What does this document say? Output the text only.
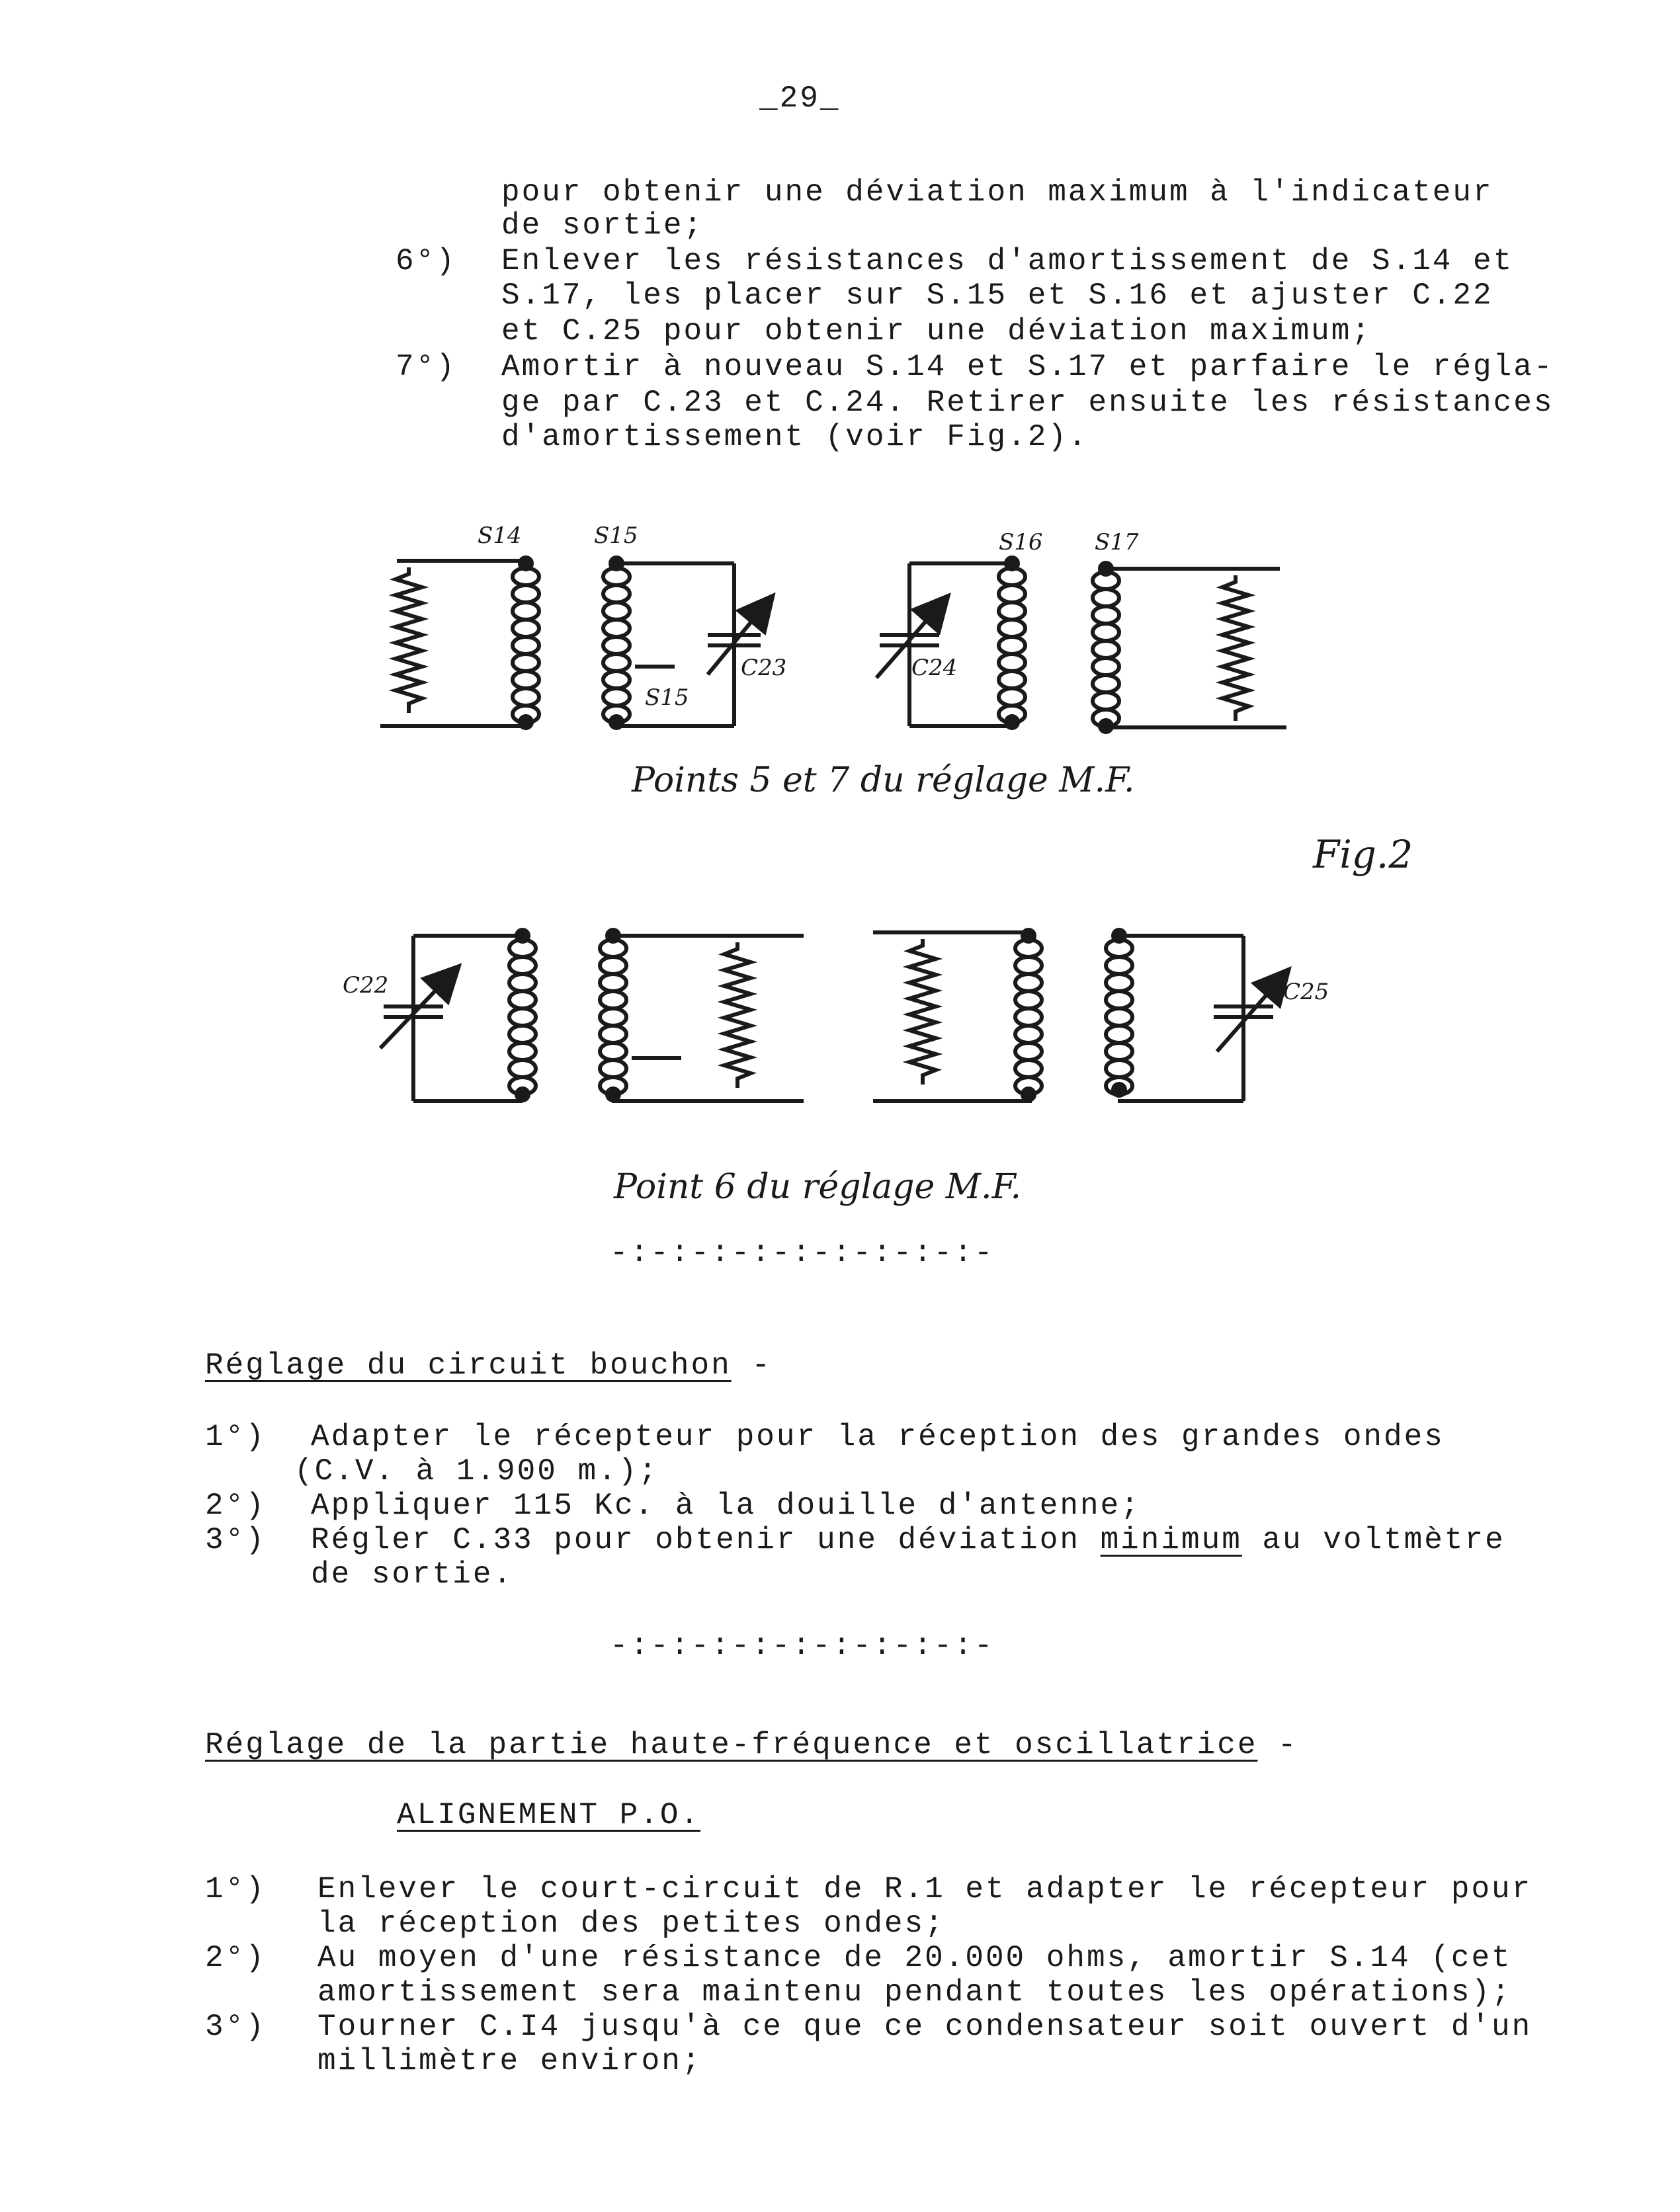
_29_
pour obtenir une déviation maximum à l'indicateur
de sortie;
6°) Enlever les résistances d'amortissement de S.14 et
S.17, les placer sur S.15 et S.16 et ajuster C.22
et C.25 pour obtenir une déviation maximum;
7°) Amortir à nouveau S.14 et S.17 et parfaire le régla-
ge par C.23 et C.24. Retirer ensuite les résistances
d'amortissement (voir Fig.2).
S14	S15	S16 S17
S15
C23	C24
C22	C25
Points 5 et 7 du réglage M.F.
Fig.2
Point 6 du réglage M.F.
-:-:-:-:-:-:-:-:-:-
Réglage du circuit bouchon -
1°) Adapter le récepteur pour la réception des grandes ondes
(C.V. à 1.900 m.);
2°) Appliquer 115 Kc. à la douille d'antenne;
3°) Régler C.33 pour obtenir une déviation minimum au voltmètre
de sortie.
-:-:-:-:-:-:-:-:-:-
Réglage de la partie haute-fréquence et oscillatrice -
ALIGNEMENT P.O.
1°) Enlever le court-circuit de R.1 et adapter le récepteur pour
la réception des petites ondes;
2°) Au moyen d'une résistance de 20.000 ohms, amortir S.14 (cet
amortissement sera maintenu pendant toutes les opérations);
3°) Tourner C.I4 jusqu'à ce que ce condensateur soit ouvert d'un
millimètre environ;
